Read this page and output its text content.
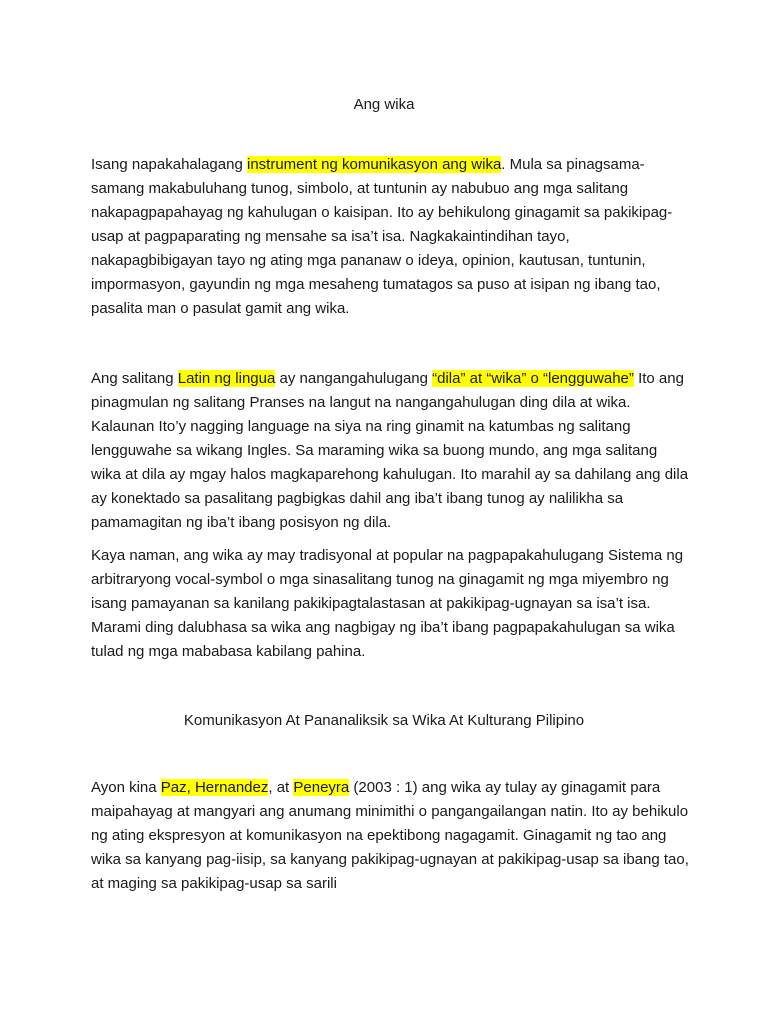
Ang wika

Isang napakahalagang instrument ng komunikasyon ang wika. Mula sa pinagsama-samang makabuluhang tunog, simbolo, at tuntunin ay nabubuo ang mga salitang nakapagpapahayag ng kahulugan o kaisipan. Ito ay behikulong ginagamit sa pakikipag-usap at pagpaparating ng mensahe sa isa’t isa. Nagkakaintindihan tayo, nakapagbibigayan tayo ng ating mga pananaw o ideya, opinion, kautusan, tuntunin, impormasyon, gayundin ng mga mesaheng tumatagos sa puso at isipan ng ibang tao, pasalita man o pasulat gamit ang wika.

Ang salitang Latin ng lingua ay nangangahulugang “dila” at “wika” o “lengguwahe” Ito ang pinagmulan ng salitang Pranses na langut na nangangahulugan ding dila at wika. Kalaunan Ito’y nagging language na siya na ring ginamit na katumbas ng salitang lengguwahe sa wikang Ingles. Sa maraming wika sa buong mundo, ang mga salitang wika at dila ay mgay halos magkaparehong kahulugan. Ito marahil ay sa dahilang ang dila ay konektado sa pasalitang pagbigkas dahil ang iba’t ibang tunog ay nalilikha sa pamamagitan ng iba’t ibang posisyon ng dila.

Kaya naman, ang wika ay may tradisyonal at popular na pagpapakahulugang Sistema ng arbitraryong vocal-symbol o mga sinasalitang tunog na ginagamit ng mga miyembro ng isang pamayanan sa kanilang pakikipagtalastasan at pakikipag-ugnayan sa isa’t isa. Marami ding dalubhasa sa wika ang nagbigay ng iba’t ibang pagpapakahulugan sa wika tulad ng mga mababasa kabilang pahina.

Komunikasyon At Pananaliksik sa Wika At Kulturang Pilipino

Ayon kina Paz, Hernandez, at Peneyra (2003 : 1) ang wika ay tulay ay ginagamit para maipahayag at mangyari ang anumang minimithi o pangangailangan natin. Ito ay behikulo ng ating ekspresyon at komunikasyon na epektibong nagagamit. Ginagamit ng tao ang wika sa kanyang pag-iisip, sa kanyang pakikipag-ugnayan at pakikipag-usap sa ibang tao, at maging sa pakikipag-usap sa sarili
